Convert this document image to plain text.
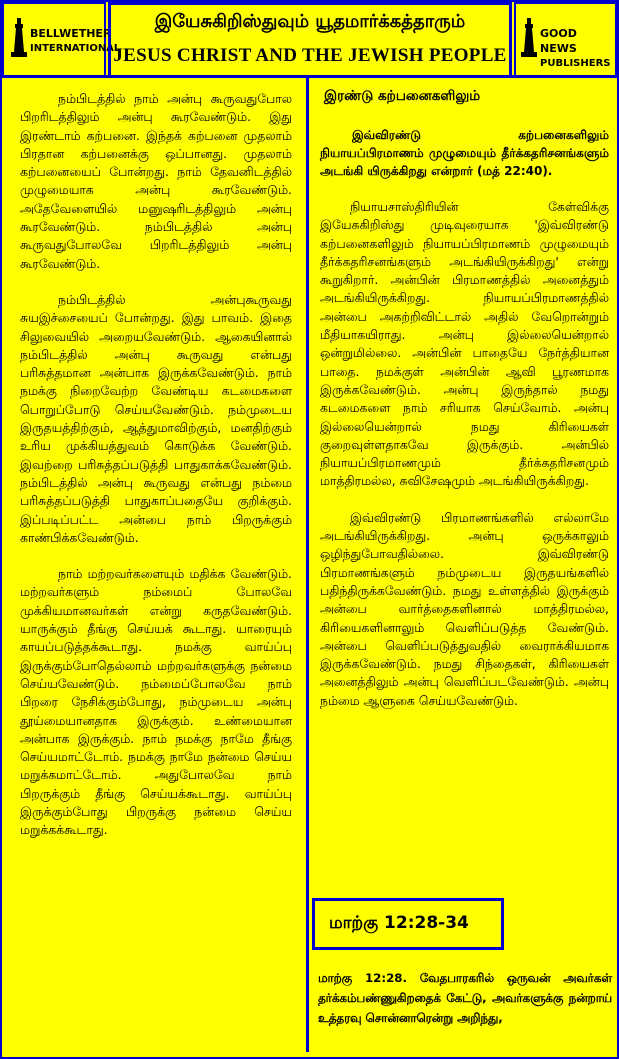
BELLWETHER
INTERNATIONAL
இயேசுகிறிஸ்துவும் யூதமார்க்கத்தாரும்
JESUS CHRIST AND THE JEWISH PEOPLE
GOOD NEWS
PUBLISHERS

நம்பிடத்தில் நாம் அன்பு கூருவதுபோல பிறரிடத்திலும் அன்பு கூரவேண்டும். இது இரண்டாம் கற்பனை. இந்தக் கற்பனை முதலாம் பிரதான கற்பனைக்கு ஒப்பானது. முதலாம் கற்பனையைப் போன்றது. நாம் தேவனிடத்தில் முழுமையாக அன்பு கூரவேண்டும். அதேவேளையில் மனுஷரிடத்திலும் அன்பு கூரவேண்டும். நம்பிடத்தில் அன்பு கூருவதுபோலவே பிறரிடத்திலும் அன்பு கூரவேண்டும்.

நம்பிடத்தில் அன்புகூருவது சுயஇச்சையைப் போன்றது. இது பாவம். இதை சிலுவையில் அறையவேண்டும். ஆகையினால் நம்பிடத்தில் அன்பு கூருவது என்பது பரிசுத்தமான அன்பாக இருக்கவேண்டும். நாம் நமக்கு நிறைவேற்ற வேண்டிய கடமைகளை பொறுப்போடு செய்யவேண்டும். நம்முடைய இருதயத்திற்கும், ஆத்துமாவிற்கும், மனதிற்கும் உரிய முக்கியத்துவம் கொடுக்க வேண்டும். இவற்றை பரிசுத்தப்படுத்தி பாதுகாக்கவேண்டும். நம்பிடத்தில் அன்பு கூருவது என்பது நம்மை பரிசுத்தப்படுத்தி பாதுகாப்பதையே குறிக்கும். இப்படிப்பட்ட அன்பை நாம் பிறருக்கும் காண்பிக்கவேண்டும்.

நாம் மற்றவர்களையும் மதிக்க வேண்டும். மற்றவர்களும் நம்மைப் போலவே முக்கியமானவர்கள் என்று கருதவேண்டும். யாருக்கும் தீங்கு செய்யக் கூடாது. யாரையும் காயப்படுத்தக்கூடாது. நமக்கு வாய்ப்பு இருக்கும்போதெல்லாம் மற்றவர்களுக்கு நன்மை செய்யவேண்டும். நம்மைப்போலவே நாம் பிறரை நேசிக்கும்போது, நம்முடைய அன்பு தூய்மையானதாக இருக்கும். உண்மையான அன்பாக இருக்கும். நாம் நமக்கு நாமே தீங்கு செய்யமாட்டோம். நமக்கு நாமே நன்மை செய்ய மறுக்கமாட்டோம். அதுபோலவே நாம் பிறருக்கும் தீங்கு செய்யக்கூடாது. வாய்ப்பு இருக்கும்போது பிறருக்கு நன்மை செய்ய மறுக்கக்கூடாது.

இரண்டு கற்பனைகளிலும்

இவ்விரண்டு கற்பனைகளிலும் நியாயப்பிரமாணம் முழுமையும் தீர்க்கதரிசனங்களும் அடங்கி யிருக்கிறது என்றார் (மத் 22:40).

நியாயசாஸ்திரியின் கேள்விக்கு இயேசுகிறிஸ்து முடிவுரையாக 'இவ்விரண்டு கற்பனைகளிலும் நியாயப்பிரமாணம் முழுமையும் தீர்க்கதரிசனங்களும் அடங்கியிருக்கிறது' என்று கூறுகிறார். அன்பின் பிரமாணத்தில் அனைத்தும் அடங்கியிருக்கிறது. நியாயப்பிரமாணத்தில் அன்பை அகற்றிவிட்டால் அதில் வேறொன்றும் மீதியாகயிராது. அன்பு இல்லையென்றால் ஒன்றுமில்லை. அன்பின் பாதையே நேர்த்தியான பாதை. நமக்குள் அன்பின் ஆவி பூரணமாக இருக்கவேண்டும். அன்பு இருந்தால் நமது கடமைகளை நாம் சரியாக செய்வோம். அன்பு இல்லையென்றால் நமது கிரியைகள் குறைவுள்ளதாகவே இருக்கும். அன்பில் நியாயப்பிரமாணமும் தீர்க்கதரிசனமும் மாத்திரமல்ல, சுவிசேஷமும் அடங்கியிருக்கிறது.

இவ்விரண்டு பிரமாணங்களில் எல்லாமே அடங்கியிருக்கிறது. அன்பு ஒருக்காலும் ஒழிந்துபோவதில்லை. இவ்விரண்டு பிரமாணங்களும் நம்முடைய இருதயங்களில் பதிந்திருக்கவேண்டும். நமது உள்ளத்தில் இருக்கும் அன்பை வார்த்தைகளினால் மாத்திரமல்ல, கிரியைகளினாலும் வெளிப்படுத்த வேண்டும். அன்பை வெளிப்படுத்துவதில் வைராக்கியமாக இருக்கவேண்டும். நமது சிந்தைகள், கிரியைகள் அனைத்திலும் அன்பு வெளிப்படவேண்டும். அன்பு நம்மை ஆளுகை செய்யவேண்டும்.

மாற்கு 12:28-34
மாற்கு 12:28. வேதபாரகரில் ஒருவன் அவர்கள் தர்க்கம்பண்ணுகிறதைக் கேட்டு, அவர்களுக்கு நன்றாய் உத்தரவு சொன்னாரென்று அறிந்து,
